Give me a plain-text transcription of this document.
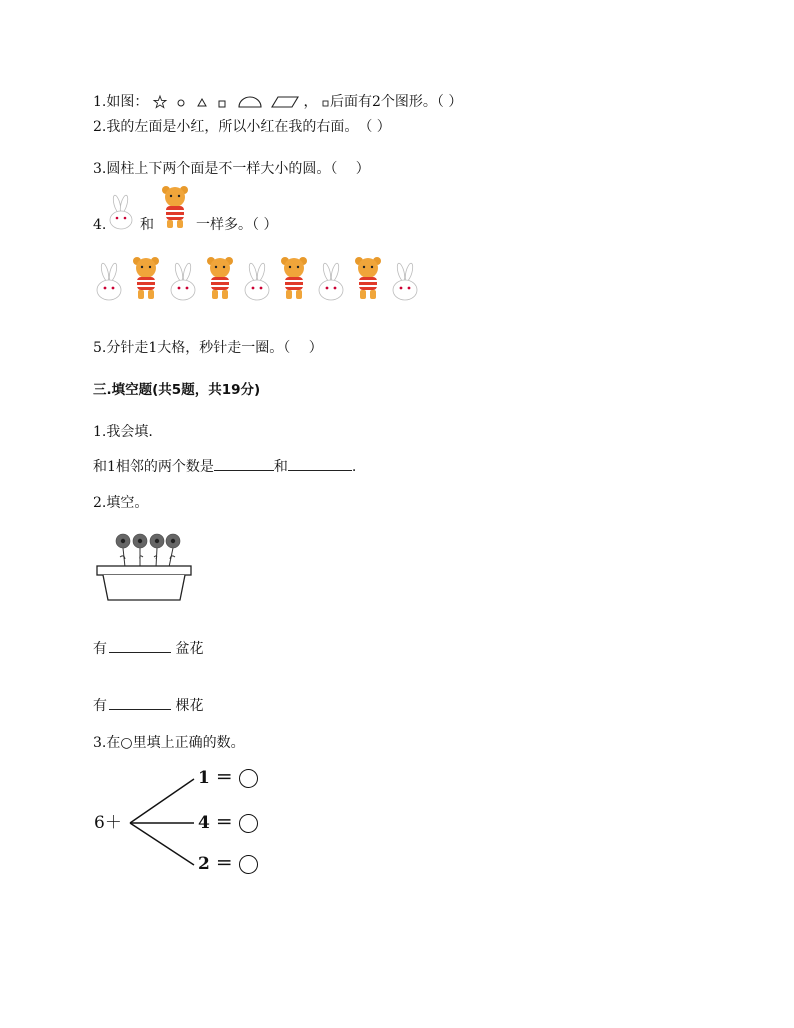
1.如图：	， 后面有2个图形。（ ）
2.我的左面是小红，所以小红在我的右面。　（ ）
3.圆柱上下两个面是不一样大小的圆。（　 ）
4. 和	一样多。（ ）
5.分针走1大格，秒针走一圈。（　 ）
三.填空题(共5题，共19分)
1.我会填.
和1相邻的两个数是	和	.
2.填空。
有	盆花
有	棵花
3.在○里填上正确的数。
6＋
1 ＝
4 ＝
2 ＝
